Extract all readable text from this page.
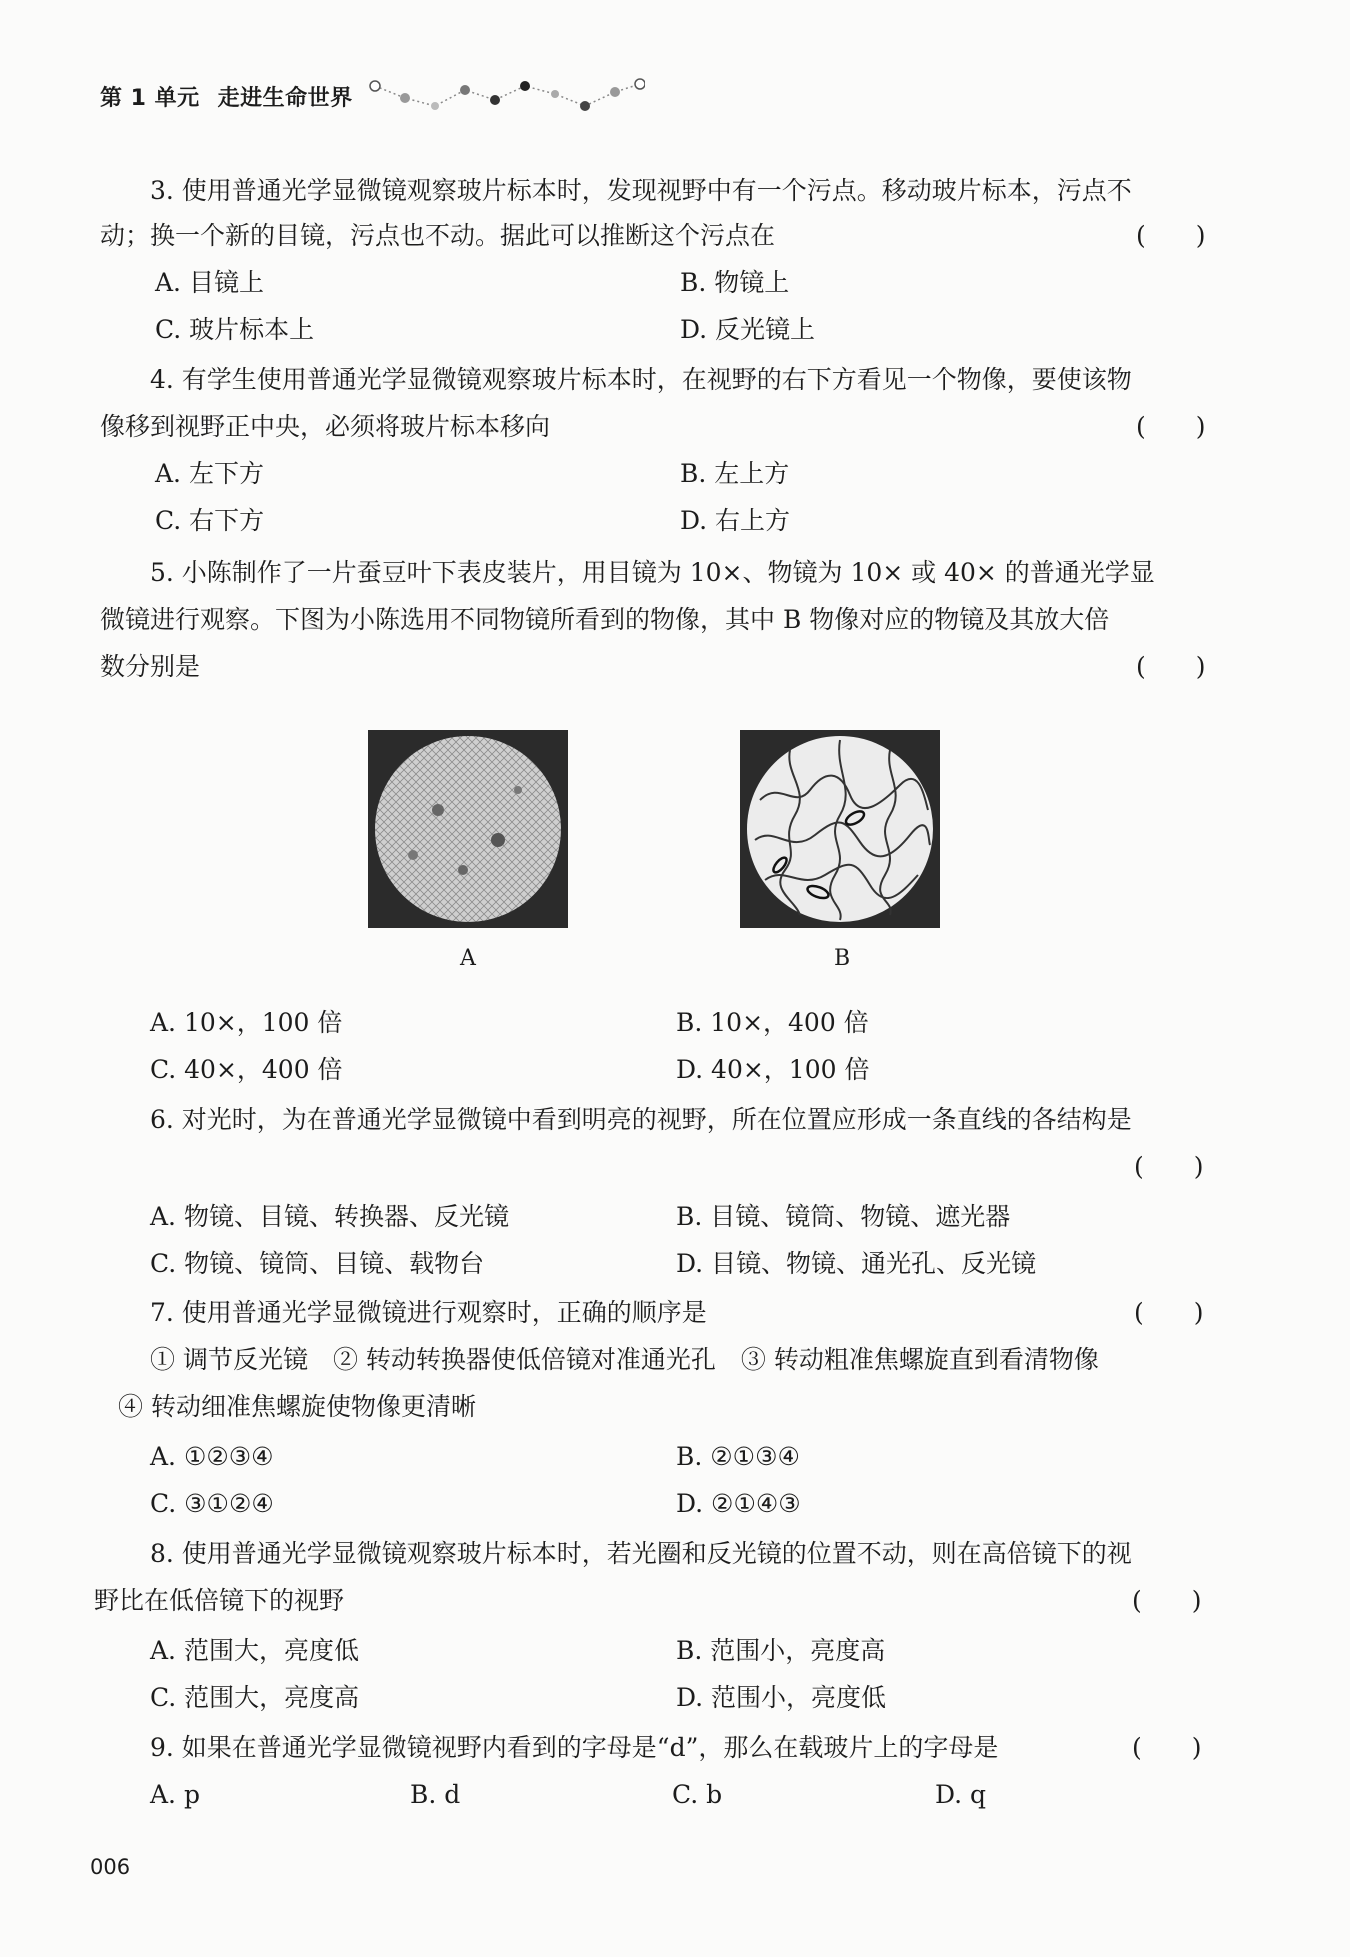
第 1 单元 走进生命世界
3. 使用普通光学显微镜观察玻片标本时，发现视野中有一个污点。移动玻片标本，污点不
动；换一个新的目镜，污点也不动。据此可以推断这个污点在	(　　)
A. 目镜上	B. 物镜上
C. 玻片标本上	D. 反光镜上
4. 有学生使用普通光学显微镜观察玻片标本时，在视野的右下方看见一个物像，要使该物
像移到视野正中央，必须将玻片标本移向	(　　)
A. 左下方	B. 左上方
C. 右下方	D. 右上方
5. 小陈制作了一片蚕豆叶下表皮装片，用目镜为 10×、物镜为 10× 或 40× 的普通光学显
微镜进行观察。下图为小陈选用不同物镜所看到的物像，其中 B 物像对应的物镜及其放大倍
数分别是	(　　)
A	B
A. 10×，100 倍	B. 10×，400 倍
C. 40×，400 倍	D. 40×，100 倍
6. 对光时，为在普通光学显微镜中看到明亮的视野，所在位置应形成一条直线的各结构是
(　　)
A. 物镜、目镜、转换器、反光镜	B. 目镜、镜筒、物镜、遮光器
C. 物镜、镜筒、目镜、载物台	D. 目镜、物镜、通光孔、反光镜
7. 使用普通光学显微镜进行观察时，正确的顺序是	(　　)
① 调节反光镜　② 转动转换器使低倍镜对准通光孔　③ 转动粗准焦螺旋直到看清物像
④ 转动细准焦螺旋使物像更清晰
A. ①②③④	B. ②①③④
C. ③①②④	D. ②①④③
8. 使用普通光学显微镜观察玻片标本时，若光圈和反光镜的位置不动，则在高倍镜下的视
野比在低倍镜下的视野	(　　)
A. 范围大，亮度低	B. 范围小，亮度高
C. 范围大，亮度高	D. 范围小，亮度低
9. 如果在普通光学显微镜视野内看到的字母是“d”，那么在载玻片上的字母是	(　　)
A. p	B. d	C. b	D. q
006
